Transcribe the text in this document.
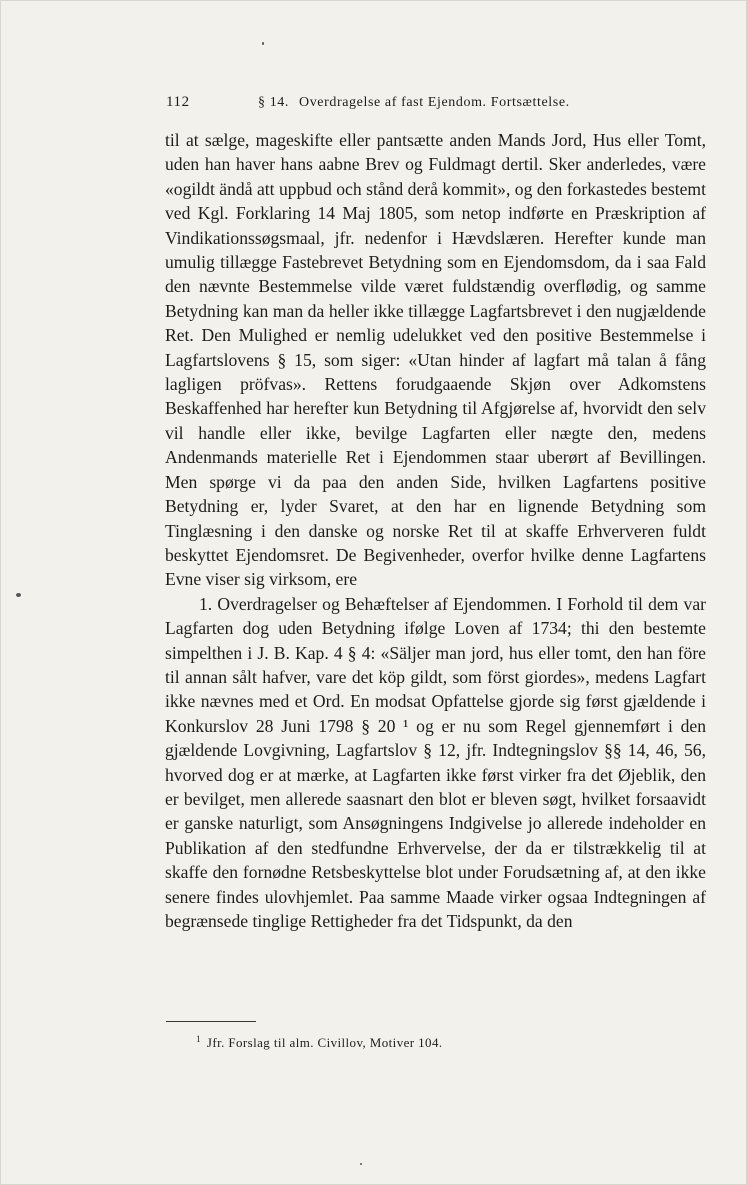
112	§ 14. Overdragelse af fast Ejendom. Fortsættelse.

til at sælge, mageskifte eller pantsætte anden Mands Jord, Hus eller Tomt, uden han haver hans aabne Brev og Fuldmagt dertil. Sker anderledes, være «ogildt ändå att uppbud och stånd derå kommit», og den forkastedes bestemt ved Kgl. Forklaring 14 Maj 1805, som netop indførte en Præskription af Vindikationssøgsmaal, jfr. nedenfor i Hævdslæren. Herefter kunde man umulig tillægge Fastebrevet Betydning som en Ejendomsdom, da i saa Fald den nævnte Bestemmelse vilde været fuldstændig overflødig, og samme Betydning kan man da heller ikke tillægge Lagfartsbrevet i den nugjældende Ret. Den Mulighed er nemlig udelukket ved den positive Bestemmelse i Lagfartslovens § 15, som siger: «Utan hinder af lagfart må talan å fång lagligen pröfvas». Rettens forudgaaende Skjøn over Adkomstens Beskaffenhed har herefter kun Betydning til Afgjørelse af, hvorvidt den selv vil handle eller ikke, bevilge Lagfarten eller nægte den, medens Andenmands materielle Ret i Ejendommen staar uberørt af Bevillingen. Men spørge vi da paa den anden Side, hvilken Lagfartens positive Betydning er, lyder Svaret, at den har en lignende Betydning som Tinglæsning i den danske og norske Ret til at skaffe Erhververen fuldt beskyttet Ejendomsret. De Begivenheder, overfor hvilke denne Lagfartens Evne viser sig virksom, ere

1. Overdragelser og Behæftelser af Ejendommen. I Forhold til dem var Lagfarten dog uden Betydning ifølge Loven af 1734; thi den bestemte simpelthen i J. B. Kap. 4 § 4: «Säljer man jord, hus eller tomt, den han före til annan sålt hafver, vare det köp gildt, som först giordes», medens Lagfart ikke nævnes med et Ord. En modsat Opfattelse gjorde sig først gjældende i Konkurslov 28 Juni 1798 § 20 ¹ og er nu som Regel gjennemført i den gjældende Lovgivning, Lagfartslov § 12, jfr. Indtegningslov §§ 14, 46, 56, hvorved dog er at mærke, at Lagfarten ikke først virker fra det Øjeblik, den er bevilget, men allerede saasnart den blot er bleven søgt, hvilket forsaavidt er ganske naturligt, som Ansøgningens Indgivelse jo allerede indeholder en Publikation af den stedfundne Erhvervelse, der da er tilstrækkelig til at skaffe den fornødne Retsbeskyttelse blot under Forudsætning af, at den ikke senere findes ulovhjemlet. Paa samme Maade virker ogsaa Indtegningen af begrænsede tinglige Rettigheder fra det Tidspunkt, da den

$^1$ Jfr. Forslag til alm. Civillov, Motiver 104.
